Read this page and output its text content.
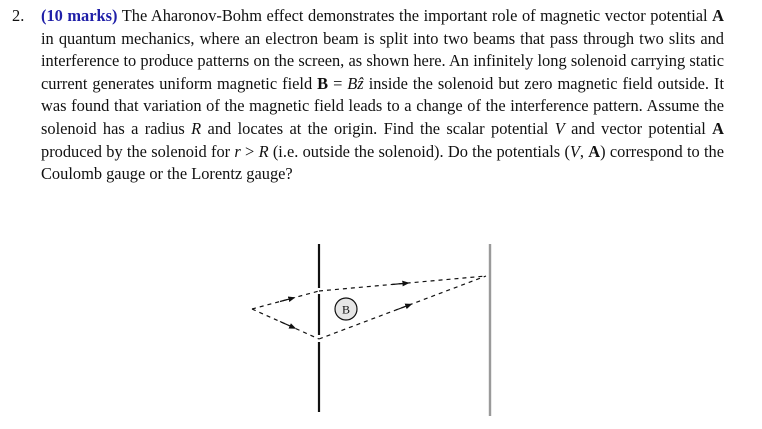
2.	(10 marks) The Aharonov-Bohm effect demonstrates the important role of magnetic vector potential A in quantum mechanics, where an electron beam is split into two beams that pass through two slits and interference to produce patterns on the screen, as shown here. An infinitely long solenoid carrying static current generates uniform magnetic field B = Bẑ inside the solenoid but zero magnetic field outside. It was found that variation of the magnetic field leads to a change of the interference pattern. Assume the solenoid has a radius R and locates at the origin. Find the scalar potential V and vector potential A produced by the solenoid for r > R (i.e. outside the solenoid). Do the potentials (V, A) correspond to the Coulomb gauge or the Lorentz gauge?
B
